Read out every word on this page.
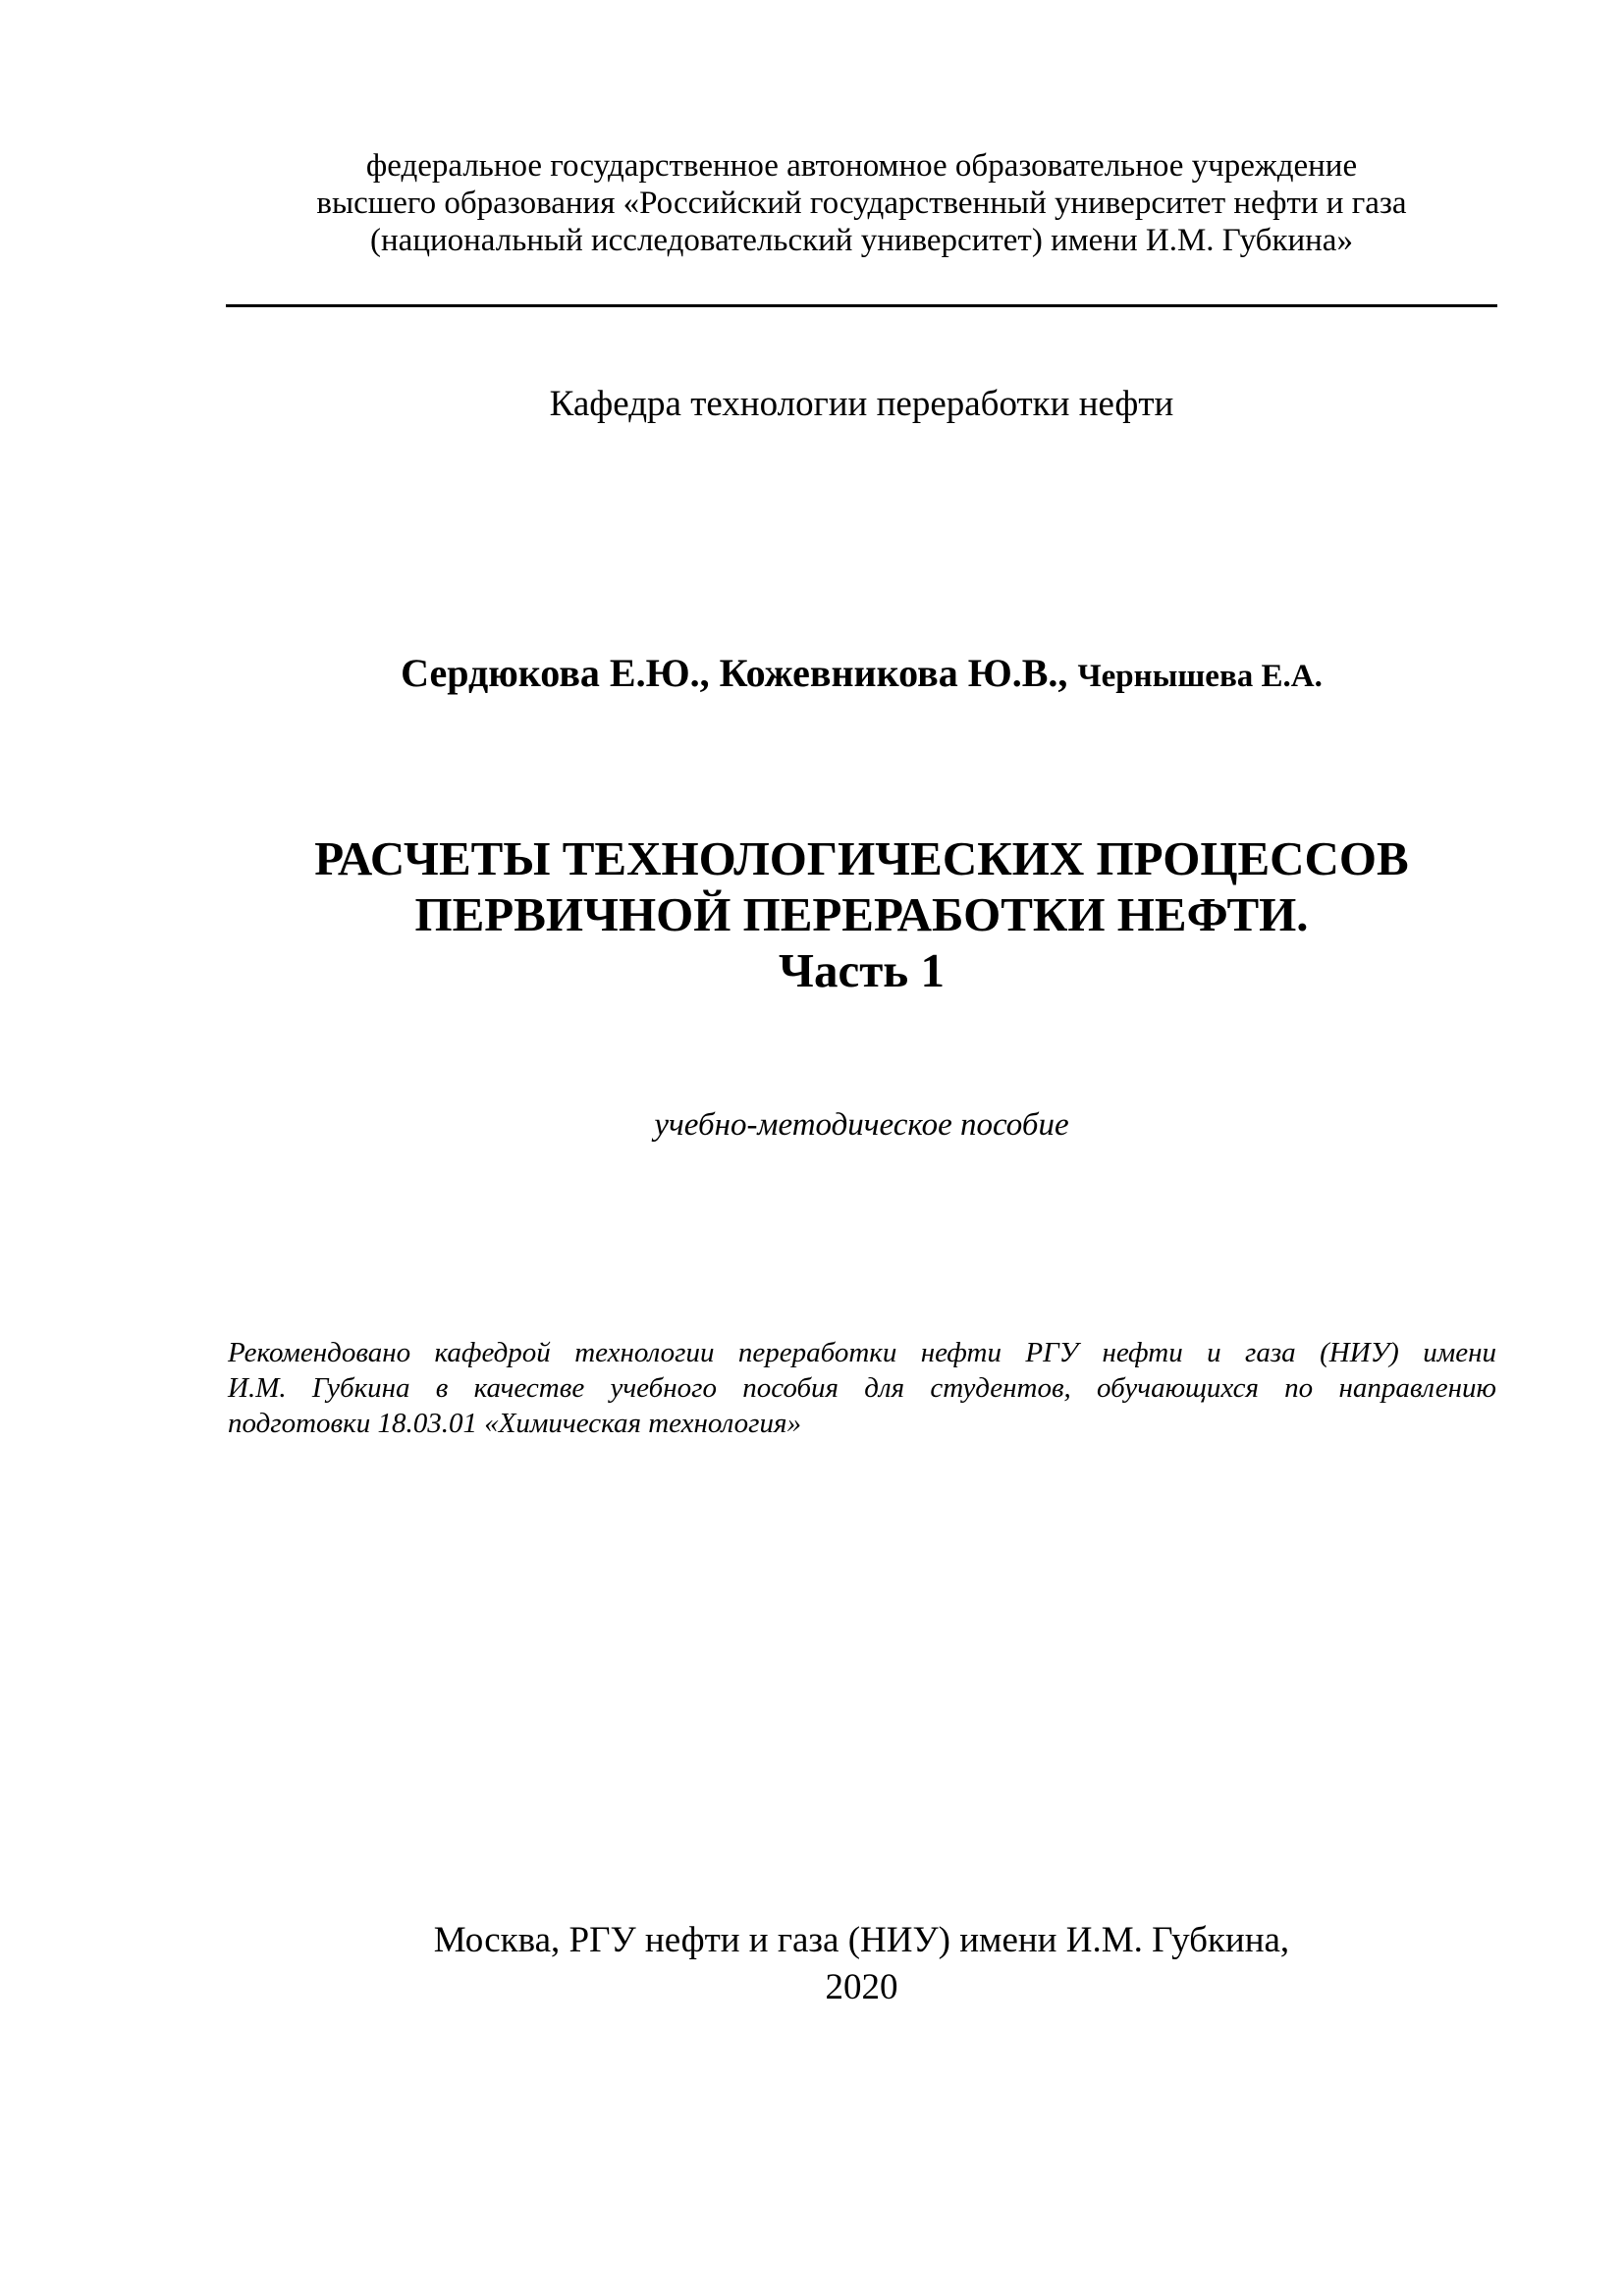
федеральное государственное автономное образовательное учреждение
высшего образования «Российский государственный университет нефти и газа
(национальный исследовательский университет) имени И.М. Губкина»
Кафедра технологии переработки нефти
Сердюкова Е.Ю., Кожевникова Ю.В., Чернышева Е.А.
РАСЧЕТЫ ТЕХНОЛОГИЧЕСКИХ ПРОЦЕССОВ
ПЕРВИЧНОЙ ПЕРЕРАБОТКИ НЕФТИ.
Часть 1
учебно-методическое пособие
Рекомендовано кафедрой технологии переработки нефти РГУ нефти и газа (НИУ) имени
И.М. Губкина в качестве учебного пособия для студентов, обучающихся по направлению
подготовки 18.03.01 «Химическая технология»
Москва, РГУ нефти и газа (НИУ) имени И.М. Губкина,
2020
